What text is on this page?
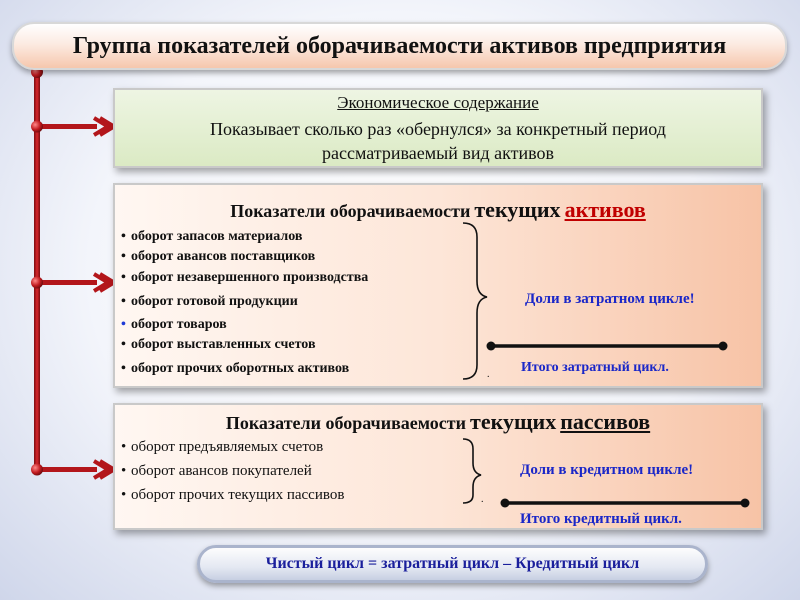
Группа показателей оборачиваемости активов предприятия
Экономическое содержание
Показывает сколько раз «обернулся» за конкретный период
рассматриваемый вид активов
Показатели оборачиваемости текущих активов
• оборот запасов материалов
• оборот авансов поставщиков
• оборот незавершенного производства
• оборот готовой продукции
• оборот товаров
• оборот выставленных счетов
• оборот прочих оборотных активов	.
Доли в затратном цикле!
Итого затратный цикл.
Показатели оборачиваемости текущих пассивов
• оборот предъявляемых счетов
• оборот авансов покупателей
• оборот прочих текущих пассивов	.
Доли в кредитном цикле!
Итого кредитный цикл.
Чистый цикл = затратный цикл – Кредитный цикл
